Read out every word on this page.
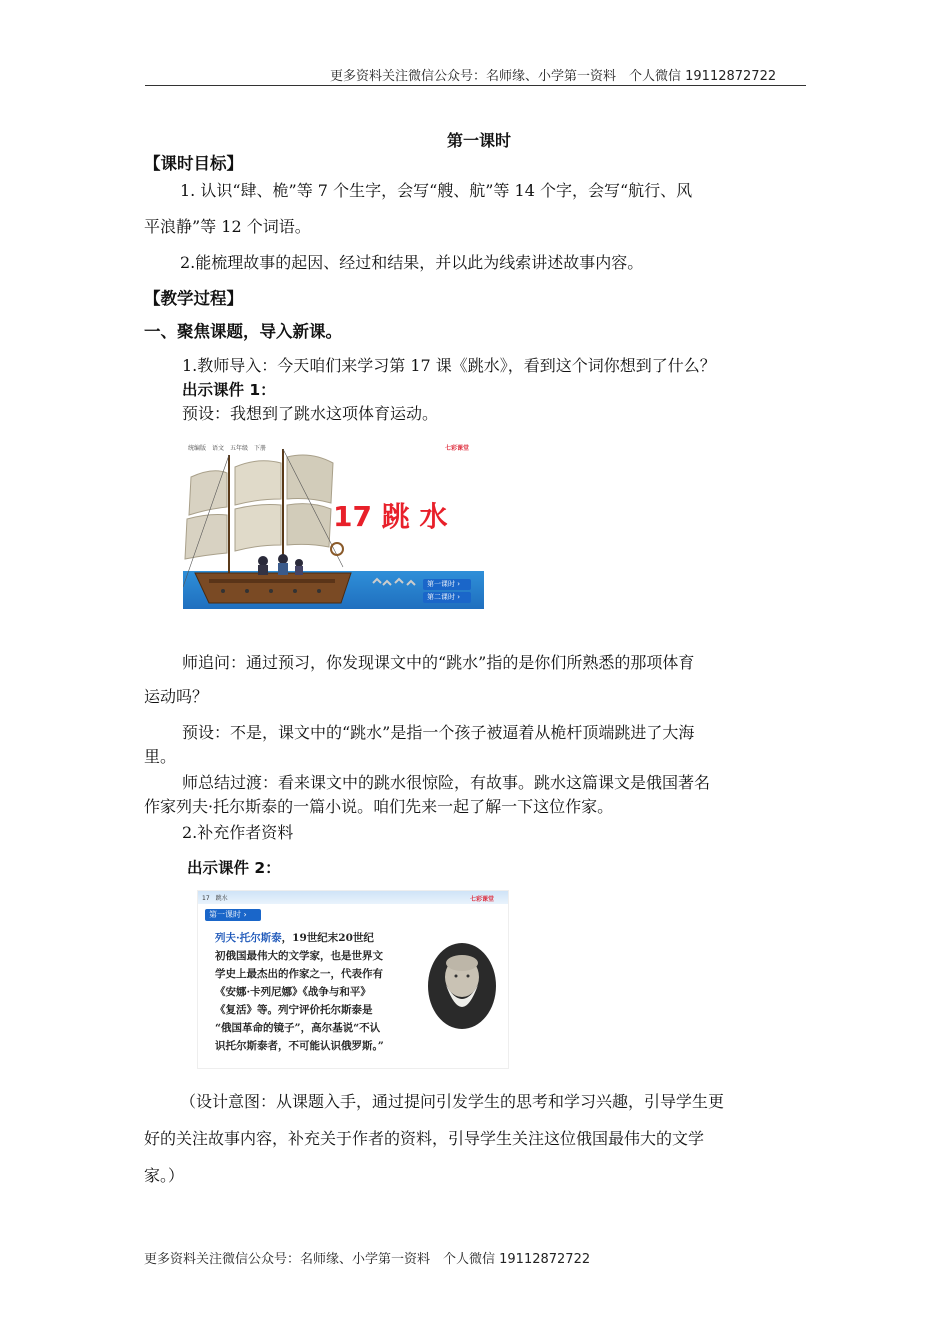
更多资料关注微信公众号：名师缘、小学第一资料　个人微信 19112872722
第一课时
【课时目标】
1. 认识“肆、桅”等 7 个生字，会写“艘、航”等 14 个字，会写“航行、风
平浪静”等 12 个词语。
2.能梳理故事的起因、经过和结果，并以此为线索讲述故事内容。
【教学过程】
一、聚焦课题，导入新课。
1.教师导入：今天咱们来学习第 17 课《跳水》，看到这个词你想到了什么？
出示课件 1：
预设：我想到了跳水这项体育运动。
统编版　语文　五年级　下册	七彩课堂
17 跳 水
第一课时 ›
第二课时 ›
师追问：通过预习，你发现课文中的“跳水”指的是你们所熟悉的那项体育
运动吗？
预设：不是，课文中的“跳水”是指一个孩子被逼着从桅杆顶端跳进了大海
里。
师总结过渡：看来课文中的跳水很惊险，有故事。跳水这篇课文是俄国著名
作家列夫·托尔斯泰的一篇小说。咱们先来一起了解一下这位作家。
2.补充作者资料
出示课件 2：
17　跳水	七彩课堂
第一课时 ›
列夫·托尔斯泰，19世纪末20世纪
初俄国最伟大的文学家，也是世界文
学史上最杰出的作家之一，代表作有
《安娜·卡列尼娜》《战争与和平》
《复活》等。列宁评价托尔斯泰是
“俄国革命的镜子”，高尔基说“不认
识托尔斯泰者，不可能认识俄罗斯。”
（设计意图：从课题入手，通过提问引发学生的思考和学习兴趣，引导学生更
好的关注故事内容，补充关于作者的资料，引导学生关注这位俄国最伟大的文学
家。）
更多资料关注微信公众号：名师缘、小学第一资料　个人微信 19112872722
